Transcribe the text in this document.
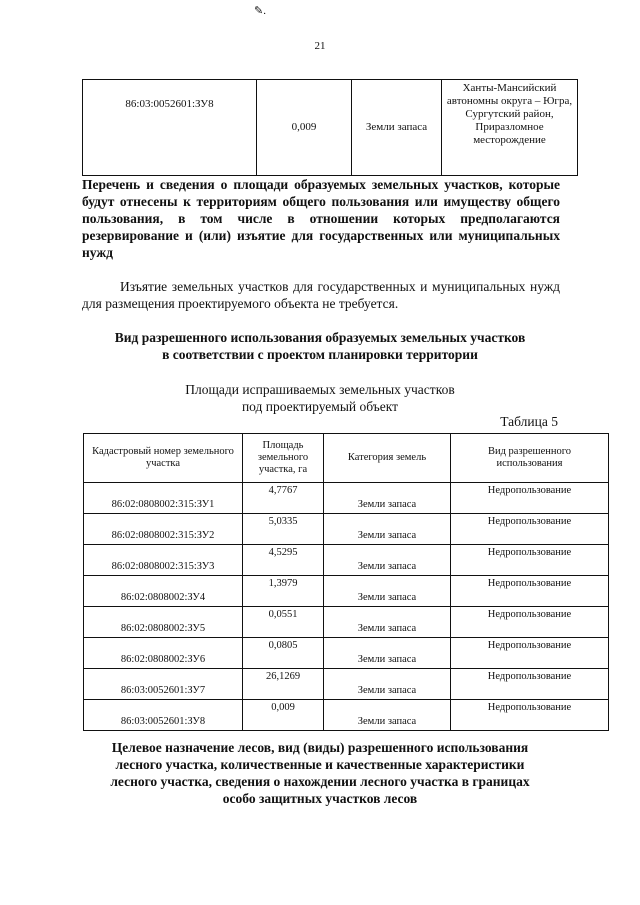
✎.
21
86:03:0052601:ЗУ8	0,009	Земли запаса	Ханты-Мансийский автономны округа – Югра, Сургутский район, Приразломное месторождение
Перечень и сведения о площади образуемых земельных участков, которые будут отнесены к территориям общего пользования или имуществу общего пользования, в том числе в отношении которых предполагаются резервирование и (или) изъятие для государственных или муниципальных нужд
Изъятие земельных участков для государственных и муниципальных нужд для размещения проектируемого объекта не требуется.
Вид разрешенного использования образуемых земельных участков
в соответствии с проектом планировки территории
Площади испрашиваемых земельных участков
под проектируемый объект
Таблица 5
Кадастровый номер земельного участка	Площадь земельного участка, га	Категория земель	Вид разрешенного использования
86:02:0808002:315:ЗУ1	4,7767	Земли запаса	Недропользование
86:02:0808002:315:ЗУ2	5,0335	Земли запаса	Недропользование
86:02:0808002:315:ЗУ3	4,5295	Земли запаса	Недропользование
86:02:0808002:ЗУ4	1,3979	Земли запаса	Недропользование
86:02:0808002:ЗУ5	0,0551	Земли запаса	Недропользование
86:02:0808002:ЗУ6	0,0805	Земли запаса	Недропользование
86:03:0052601:ЗУ7	26,1269	Земли запаса	Недропользование
86:03:0052601:ЗУ8	0,009	Земли запаса	Недропользование
Целевое назначение лесов, вид (виды) разрешенного использования лесного участка, количественные и качественные характеристики лесного участка, сведения о нахождении лесного участка в границах особо защитных участков лесов
